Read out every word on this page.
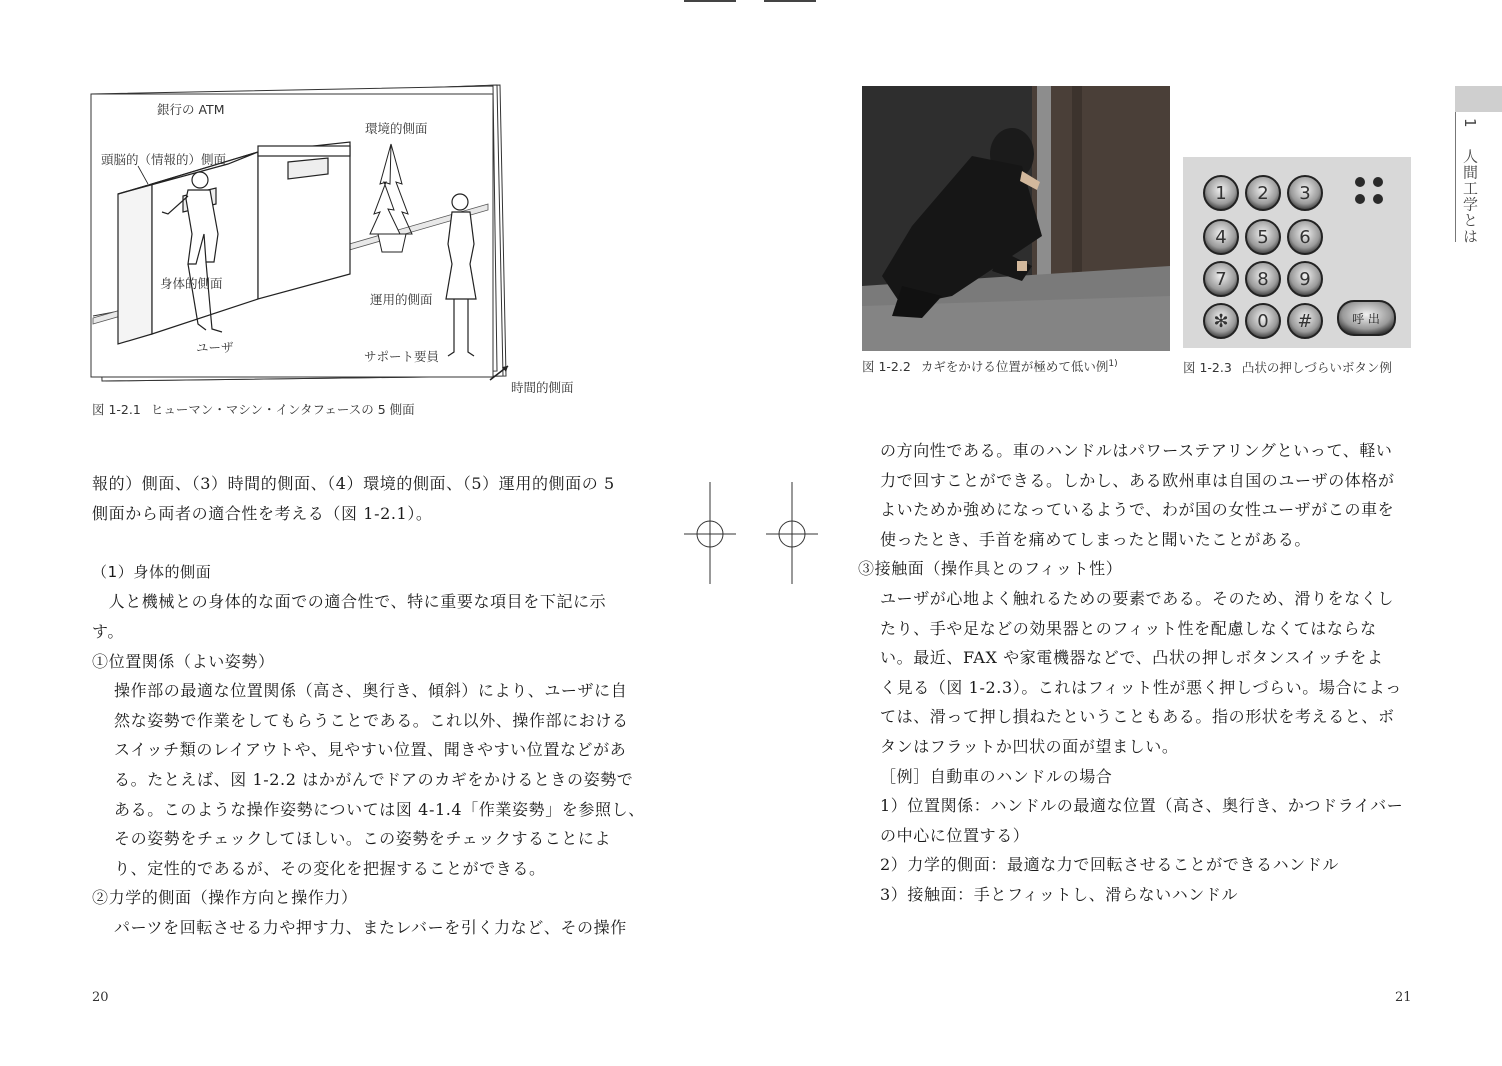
銀行の ATM
頭脳的（情報的）側面
環境的側面
身体的側面
運用的側面
ユーザ
サポート要員
時間的側面
図 1-2.1 ヒューマン・マシン・インタフェースの 5 側面
報的）側面、（3）時間的側面、（4）環境的側面、（5）運用的側面の 5
側面から両者の適合性を考える（図 1-2.1）。
（1）身体的側面
　人と機械との身体的な面での適合性で、特に重要な項目を下記に示
す。
①位置関係（よい姿勢）
操作部の最適な位置関係（高さ、奥行き、傾斜）により、ユーザに自
然な姿勢で作業をしてもらうことである。これ以外、操作部における
スイッチ類のレイアウトや、見やすい位置、聞きやすい位置などがあ
る。たとえば、図 1-2.2 はかがんでドアのカギをかけるときの姿勢で
ある。このような操作姿勢については図 4-1.4「作業姿勢」を参照し、
その姿勢をチェックしてほしい。この姿勢をチェックすることによ
り、定性的であるが、その変化を把握することができる。
②力学的側面（操作方向と操作力）
パーツを回転させる力や押す力、またレバーを引く力など、その操作
20
1 2 3
4 5 6
7 8 9
✻ 0 #	呼 出
図 1-2.2 カギをかける位置が極めて低い例$^{1)}$	図 1-2.3 凸状の押しづらいボタン例
の方向性である。車のハンドルはパワーステアリングといって、軽い
力で回すことができる。しかし、ある欧州車は自国のユーザの体格が
よいためか強めになっているようで、わが国の女性ユーザがこの車を
使ったとき、手首を痛めてしまったと聞いたことがある。
③接触面（操作具とのフィット性）
ユーザが心地よく触れるための要素である。そのため、滑りをなくし
たり、手や足などの効果器とのフィット性を配慮しなくてはならな
い。最近、FAX や家電機器などで、凸状の押しボタンスイッチをよ
く見る（図 1-2.3）。これはフィット性が悪く押しづらい。場合によっ
ては、滑って押し損ねたということもある。指の形状を考えると、ボ
タンはフラットか凹状の面が望ましい。
［例］自動車のハンドルの場合
1）位置関係：ハンドルの最適な位置（高さ、奥行き、かつドライバー
の中心に位置する）
2）力学的側面：最適な力で回転させることができるハンドル
3）接触面：手とフィットし、滑らないハンドル
21
1  人間工学とは
